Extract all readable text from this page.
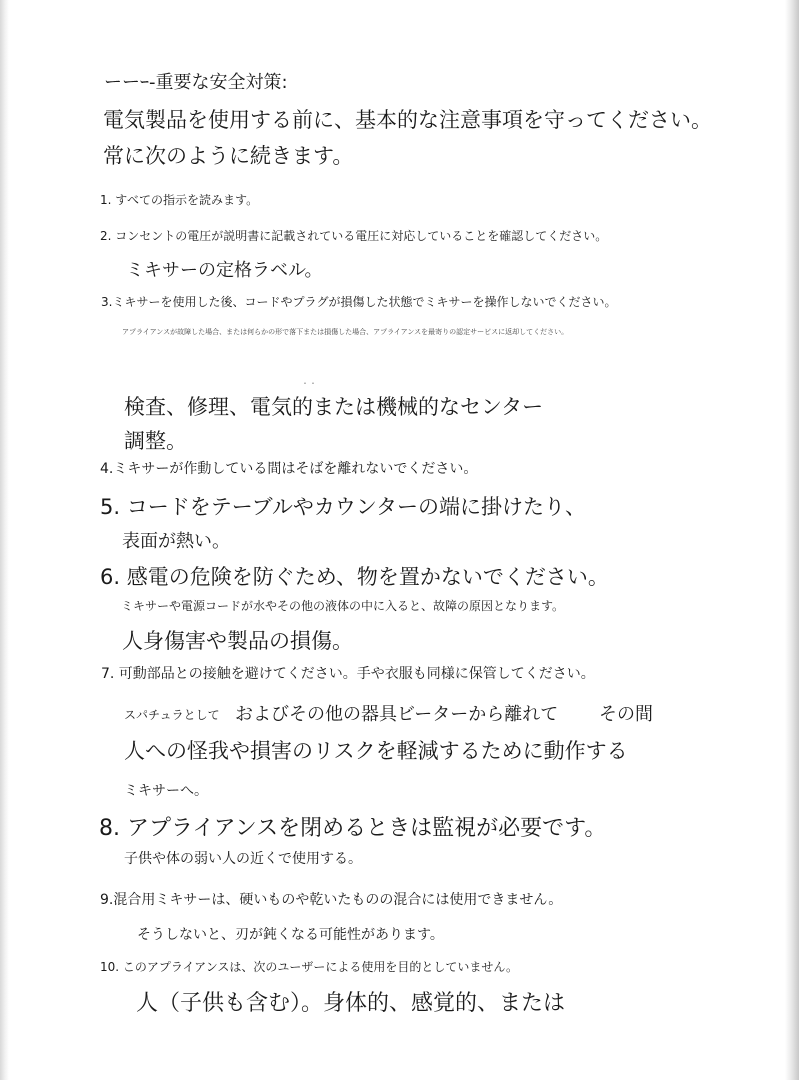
ーーｰ-重要な安全対策:
電気製品を使用する前に、基本的な注意事項を守ってください。
常に次のように続きます。
1. すべての指示を読みます。
2. コンセントの電圧が説明書に記載されている電圧に対応していることを確認してください。
ミキサーの定格ラベル。
3.ミキサーを使用した後、コードやプラグが損傷した状態でミキサーを操作しないでください。
アプライアンスが故障した場合、または何らかの形で落下または損傷した場合、アプライアンスを最寄りの認定サービスに返却してください。
・・
検査、修理、電気的または機械的なセンター
調整。
4.ミキサーが作動している間はそばを離れないでください。
5. コードをテーブルやカウンターの端に掛けたり、
表面が熱い。
6. 感電の危険を防ぐため、物を置かないでください。
ミキサーや電源コードが水やその他の液体の中に入ると、故障の原因となります。
人身傷害や製品の損傷。
7. 可動部品との接触を避けてください。手や衣服も同様に保管してください。
スパチュラとして およびその他の器具ビーターから離れて その間
人への怪我や損害のリスクを軽減するために動作する
ミキサーへ。
8. アプライアンスを閉めるときは監視が必要です。
子供や体の弱い人の近くで使用する。
9.混合用ミキサーは、硬いものや乾いたものの混合には使用できません。
そうしないと、刃が鈍くなる可能性があります。
10. このアプライアンスは、次のユーザーによる使用を目的としていません。
人（子供も含む）。身体的、感覚的、または
